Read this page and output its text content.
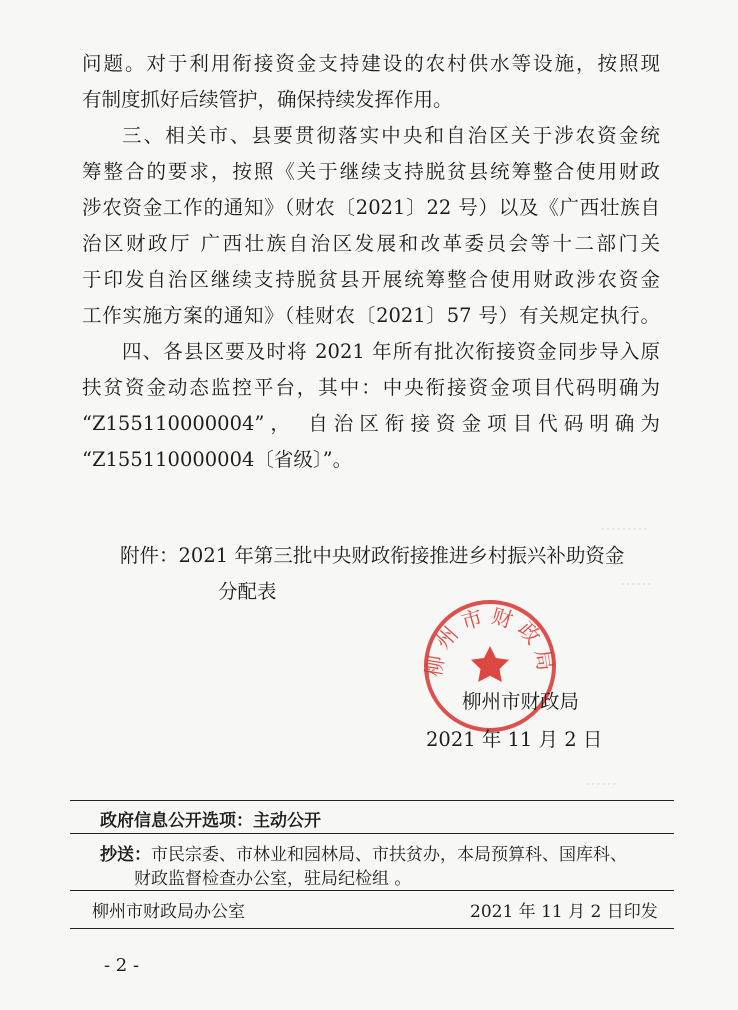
………
……
……
问题。对于利用衔接资金支持建设的农村供水等设施，按照现
有制度抓好后续管护，确保持续发挥作用。
三、相关市、县要贯彻落实中央和自治区关于涉农资金统
筹整合的要求，按照《关于继续支持脱贫县统筹整合使用财政
涉农资金工作的通知》（财农〔2021〕22 号）以及《广西壮族自
治区财政厅 广西壮族自治区发展和改革委员会等十二部门关
于印发自治区继续支持脱贫县开展统筹整合使用财政涉农资金
工作实施方案的通知》（桂财农〔2021〕57 号）有关规定执行。
四、各县区要及时将 2021 年所有批次衔接资金同步导入原
扶贫资金动态监控平台，其中：中央衔接资金项目代码明确为
“Z155110000004”， 自治区衔接资金项目代码明确为
“Z155110000004〔省级〕”。
附件：2021 年第三批中央财政衔接推进乡村振兴补助资金
分配表
柳州市财政局
柳州市财政局
2021 年 11 月 2 日
政府信息公开选项：主动公开
抄送：市民宗委、市林业和园林局、市扶贫办，本局预算科、国库科、
财政监督检查办公室，驻局纪检组 。
柳州市财政局办公室	2021 年 11 月 2 日印发
- 2 -
